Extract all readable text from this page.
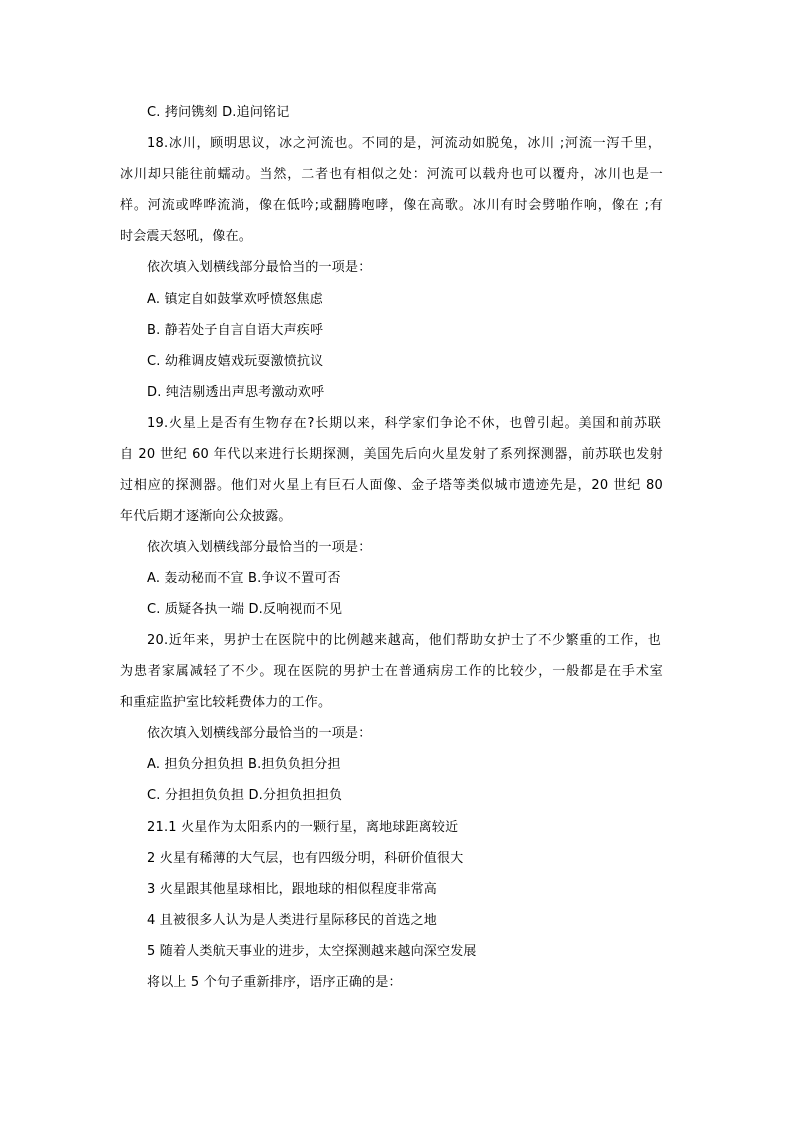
C. 拷问镌刻 D.追问铭记
18.冰川，顾明思议，冰之河流也。不同的是，河流动如脱兔，冰川 ;河流一泻千里，
冰川却只能往前蠕动。当然，二者也有相似之处：河流可以载舟也可以覆舟，冰川也是一
样。河流或哗哗流淌，像在低吟;或翻腾咆哮，像在高歌。冰川有时会劈啪作响，像在 ;有
时会震天怒吼，像在。
依次填入划横线部分最恰当的一项是：
A. 镇定自如鼓掌欢呼愤怒焦虑
B. 静若处子自言自语大声疾呼
C. 幼稚调皮嬉戏玩耍激愤抗议
D. 纯洁剔透出声思考激动欢呼
19.火星上是否有生物存在?长期以来，科学家们争论不休，也曾引起。美国和前苏联
自 20 世纪 60 年代以来进行长期探测，美国先后向火星发射了系列探测器，前苏联也发射
过相应的探测器。他们对火星上有巨石人面像、金子塔等类似城市遗迹先是，20 世纪 80
年代后期才逐渐向公众披露。
依次填入划横线部分最恰当的一项是：
A. 轰动秘而不宣 B.争议不置可否
C. 质疑各执一端 D.反响视而不见
20.近年来，男护士在医院中的比例越来越高，他们帮助女护士了不少繁重的工作，也
为患者家属减轻了不少。现在医院的男护士在普通病房工作的比较少，一般都是在手术室
和重症监护室比较耗费体力的工作。
依次填入划横线部分最恰当的一项是：
A. 担负分担负担 B.担负负担分担
C. 分担担负负担 D.分担负担担负
21.1 火星作为太阳系内的一颗行星，离地球距离较近
2 火星有稀薄的大气层，也有四级分明，科研价值很大
3 火星跟其他星球相比，跟地球的相似程度非常高
4 且被很多人认为是人类进行星际移民的首选之地
5 随着人类航天事业的进步，太空探测越来越向深空发展
将以上 5 个句子重新排序，语序正确的是：
